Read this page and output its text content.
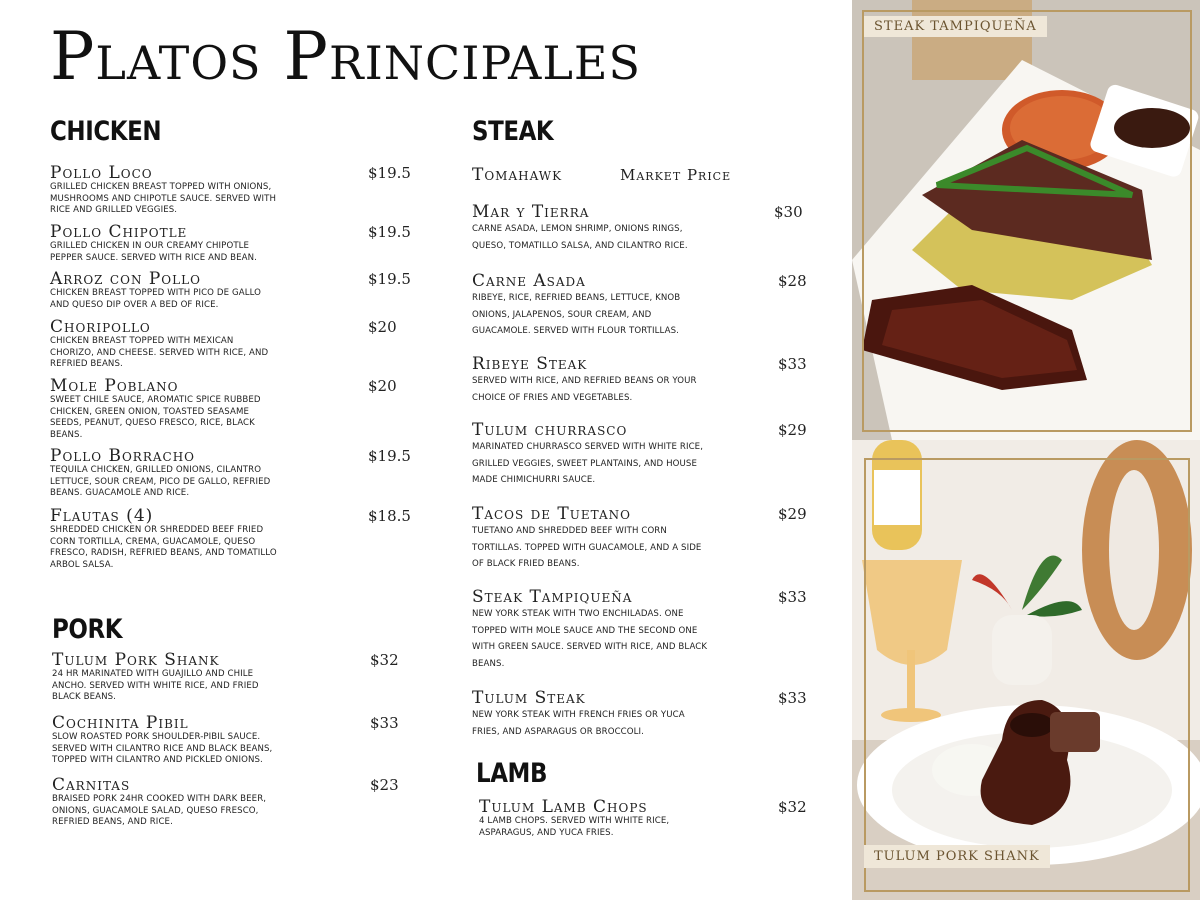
Platos Principales
CHICKEN
Pollo Loco
GRILLED CHICKEN BREAST TOPPED WITH ONIONS, MUSHROOMS AND CHIPOTLE SAUCE. SERVED WITH RICE AND GRILLED VEGGIES.
$19.5
Pollo Chipotle
GRILLED CHICKEN IN OUR CREAMY CHIPOTLE PEPPER SAUCE. SERVED WITH RICE AND BEAN.
$19.5
Arroz con Pollo
CHICKEN BREAST TOPPED WITH PICO DE GALLO AND QUESO DIP OVER A BED OF RICE.
$19.5
Choripollo
CHICKEN BREAST TOPPED WITH MEXICAN CHORIZO, AND CHEESE. SERVED WITH RICE, AND REFRIED BEANS.
$20
Mole Poblano
SWEET CHILE SAUCE, AROMATIC SPICE RUBBED CHICKEN, GREEN ONION, TOASTED SEASAME SEEDS, PEANUT, QUESO FRESCO, RICE, BLACK BEANS.
$20
Pollo Borracho
TEQUILA CHICKEN, GRILLED ONIONS, CILANTRO LETTUCE, SOUR CREAM, PICO DE GALLO, REFRIED BEANS. GUACAMOLE AND RICE.
$19.5
Flautas (4)
SHREDDED CHICKEN OR SHREDDED BEEF FRIED CORN TORTILLA, CREMA, GUACAMOLE, QUESO FRESCO, RADISH, REFRIED BEANS, AND TOMATILLO ARBOL SALSA.
$18.5
PORK
Tulum Pork Shank
24 HR MARINATED WITH GUAJILLO AND CHILE ANCHO. SERVED WITH WHITE RICE, AND FRIED BLACK BEANS.
$32
Cochinita Pibil
SLOW ROASTED PORK SHOULDER-PIBIL SAUCE. SERVED WITH CILANTRO RICE AND BLACK BEANS, TOPPED WITH CILANTRO AND PICKLED ONIONS.
$33
Carnitas
BRAISED PORK 24HR COOKED WITH DARK BEER, ONIONS, GUACAMOLE SALAD, QUESO FRESCO, REFRIED BEANS, AND RICE.
$23
STEAK
Tomahawk	Market Price
Mar y Tierra
CARNE ASADA, LEMON SHRIMP, ONIONS RINGS, QUESO, TOMATILLO SALSA, AND CILANTRO RICE.
$30
Carne Asada
RIBEYE, RICE, REFRIED BEANS, LETTUCE, KNOB ONIONS, JALAPENOS, SOUR CREAM, AND GUACAMOLE. SERVED WITH FLOUR TORTILLAS.
$28
Ribeye Steak
SERVED WITH RICE, AND REFRIED BEANS OR YOUR CHOICE OF FRIES AND VEGETABLES.
$33
Tulum churrasco
MARINATED CHURRASCO SERVED WITH WHITE RICE, GRILLED VEGGIES, SWEET PLANTAINS, AND HOUSE MADE CHIMICHURRI SAUCE.
$29
Tacos de Tuetano
TUETANO AND SHREDDED BEEF WITH CORN TORTILLAS. TOPPED WITH GUACAMOLE, AND A SIDE OF BLACK FRIED BEANS.
$29
Steak Tampiqueña
NEW YORK STEAK WITH TWO ENCHILADAS. ONE TOPPED WITH MOLE SAUCE AND THE SECOND ONE WITH GREEN SAUCE. SERVED WITH RICE, AND BLACK BEANS.
$33
Tulum Steak
NEW YORK STEAK WITH FRENCH FRIES OR YUCA FRIES, AND ASPARAGUS OR BROCCOLI.
$33
LAMB
Tulum Lamb Chops
4 LAMB CHOPS. SERVED WITH WHITE RICE, ASPARAGUS, AND YUCA FRIES.
$32
STEAK TAMPIQUEÑA
TULUM PORK SHANK
